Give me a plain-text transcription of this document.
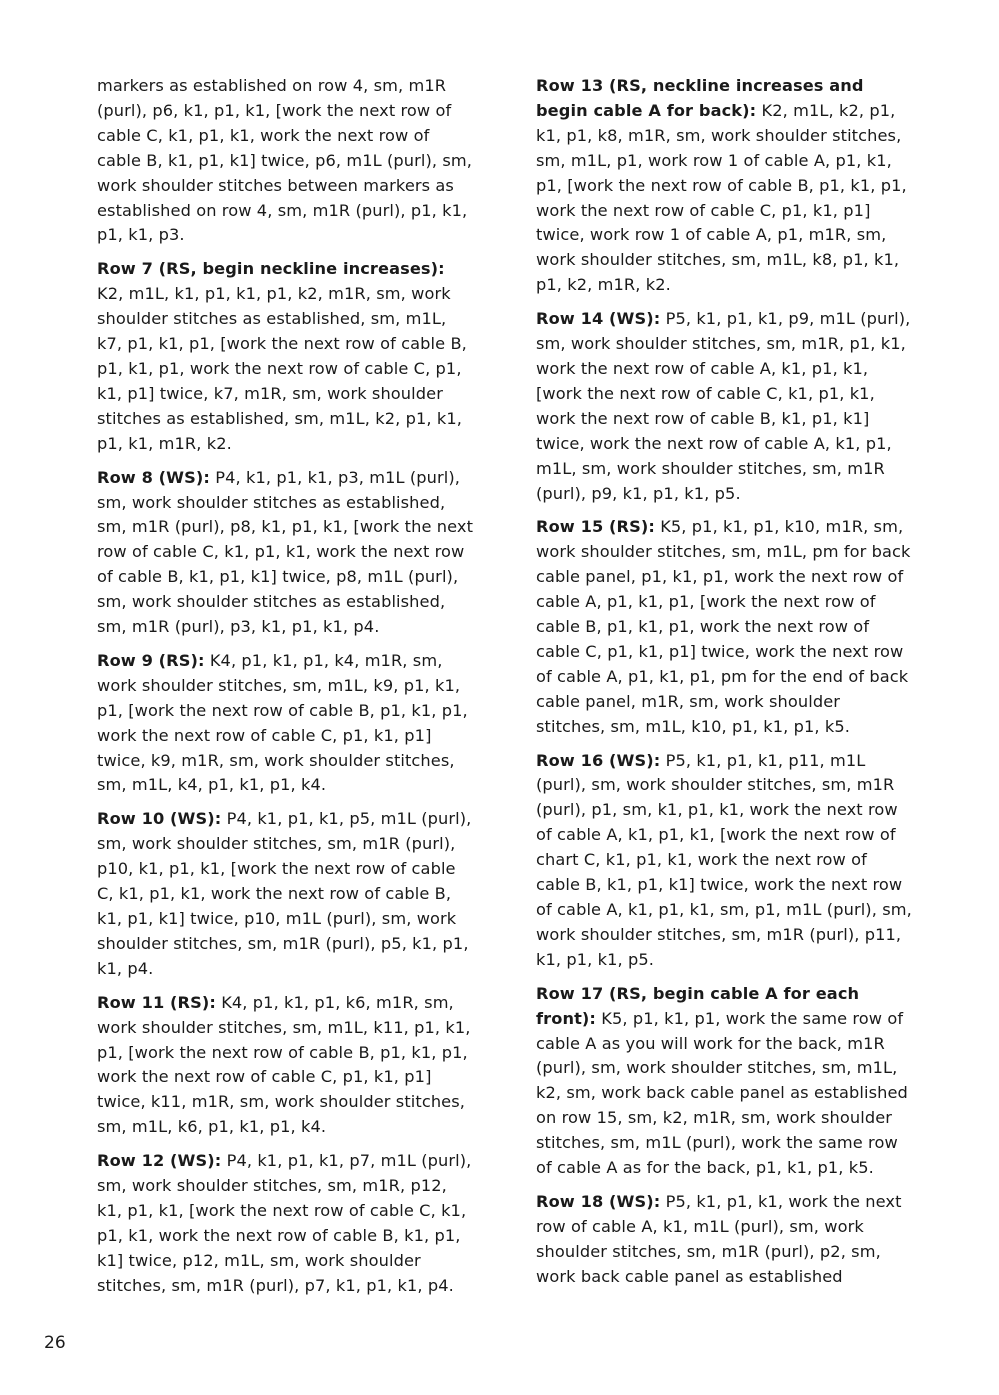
markers as established on row 4, sm, m1R (purl), p6, k1, p1, k1, [work the next row of cable C, k1, p1, k1, work the next row of cable B, k1, p1, k1] twice, p6, m1L (purl), sm, work shoulder stitches between markers as established on row 4, sm, m1R (purl), p1, k1, p1, k1, p3.

Row 7 (RS, begin neckline increases): K2, m1L, k1, p1, k1, p1, k2, m1R, sm, work shoulder stitches as established, sm, m1L, k7, p1, k1, p1, [work the next row of cable B, p1, k1, p1, work the next row of cable C, p1, k1, p1] twice, k7, m1R, sm, work shoulder stitches as established, sm, m1L, k2, p1, k1, p1, k1, m1R, k2.

Row 8 (WS): P4, k1, p1, k1, p3, m1L (purl), sm, work shoulder stitches as established, sm, m1R (purl), p8, k1, p1, k1, [work the next row of cable C, k1, p1, k1, work the next row of cable B, k1, p1, k1] twice, p8, m1L (purl), sm, work shoulder stitches as established, sm, m1R (purl), p3, k1, p1, k1, p4.

Row 9 (RS): K4, p1, k1, p1, k4, m1R, sm, work shoulder stitches, sm, m1L, k9, p1, k1, p1, [work the next row of cable B, p1, k1, p1, work the next row of cable C, p1, k1, p1] twice, k9, m1R, sm, work shoulder stitches, sm, m1L, k4, p1, k1, p1, k4.

Row 10 (WS): P4, k1, p1, k1, p5, m1L (purl), sm, work shoulder stitches, sm, m1R (purl), p10, k1, p1, k1, [work the next row of cable C, k1, p1, k1, work the next row of cable B, k1, p1, k1] twice, p10, m1L (purl), sm, work shoulder stitches, sm, m1R (purl), p5, k1, p1, k1, p4.

Row 11 (RS): K4, p1, k1, p1, k6, m1R, sm, work shoulder stitches, sm, m1L, k11, p1, k1, p1, [work the next row of cable B, p1, k1, p1, work the next row of cable C, p1, k1, p1] twice, k11, m1R, sm, work shoulder stitches, sm, m1L, k6, p1, k1, p1, k4.

Row 12 (WS): P4, k1, p1, k1, p7, m1L (purl), sm, work shoulder stitches, sm, m1R, p12, k1, p1, k1, [work the next row of cable C, k1, p1, k1, work the next row of cable B, k1, p1, k1] twice, p12, m1L, sm, work shoulder stitches, sm, m1R (purl), p7, k1, p1, k1, p4.

Row 13 (RS, neckline increases and begin cable A for back): K2, m1L, k2, p1, k1, p1, k8, m1R, sm, work shoulder stitches, sm, m1L, p1, work row 1 of cable A, p1, k1, p1, [work the next row of cable B, p1, k1, p1, work the next row of cable C, p1, k1, p1] twice, work row 1 of cable A, p1, m1R, sm, work shoulder stitches, sm, m1L, k8, p1, k1, p1, k2, m1R, k2.

Row 14 (WS): P5, k1, p1, k1, p9, m1L (purl), sm, work shoulder stitches, sm, m1R, p1, k1, work the next row of cable A, k1, p1, k1, [work the next row of cable C, k1, p1, k1, work the next row of cable B, k1, p1, k1] twice, work the next row of cable A, k1, p1, m1L, sm, work shoulder stitches, sm, m1R (purl), p9, k1, p1, k1, p5.

Row 15 (RS): K5, p1, k1, p1, k10, m1R, sm, work shoulder stitches, sm, m1L, pm for back cable panel, p1, k1, p1, work the next row of cable A, p1, k1, p1, [work the next row of cable B, p1, k1, p1, work the next row of cable C, p1, k1, p1] twice, work the next row of cable A, p1, k1, p1, pm for the end of back cable panel, m1R, sm, work shoulder stitches, sm, m1L, k10, p1, k1, p1, k5.

Row 16 (WS): P5, k1, p1, k1, p11, m1L (purl), sm, work shoulder stitches, sm, m1R (purl), p1, sm, k1, p1, k1, work the next row of cable A, k1, p1, k1, [work the next row of chart C, k1, p1, k1, work the next row of cable B, k1, p1, k1] twice, work the next row of cable A, k1, p1, k1, sm, p1, m1L (purl), sm, work shoulder stitches, sm, m1R (purl), p11, k1, p1, k1, p5.

Row 17 (RS, begin cable A for each front): K5, p1, k1, p1, work the same row of cable A as you will work for the back, m1R (purl), sm, work shoulder stitches, sm, m1L, k2, sm, work back cable panel as established on row 15, sm, k2, m1R, sm, work shoulder stitches, sm, m1L (purl), work the same row of cable A as for the back, p1, k1, p1, k5.

Row 18 (WS): P5, k1, p1, k1, work the next row of cable A, k1, m1L (purl), sm, work shoulder stitches, sm, m1R (purl), p2, sm, work back cable panel as established

26
